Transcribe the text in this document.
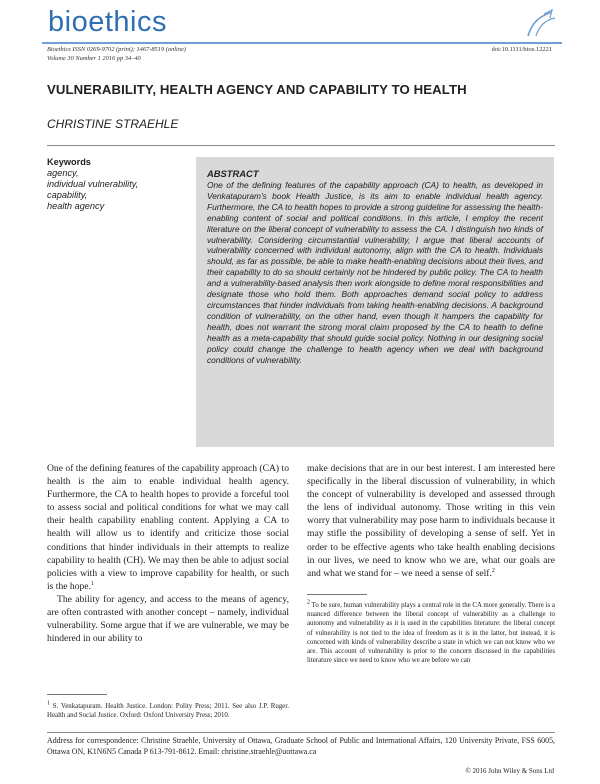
bioethics
Bioethics ISSN 0269-9702 (print); 1467-8519 (online)
Volume 30 Number 1 2016 pp 34–40
doi:10.1111/bioe.12221
VULNERABILITY, HEALTH AGENCY AND CAPABILITY TO HEALTH
CHRISTINE STRAEHLE
Keywords
agency,
individual vulnerability,
capability,
health agency
ABSTRACT
One of the defining features of the capability approach (CA) to health, as developed in Venkatapuram's book Health Justice, is its aim to enable individual health agency. Furthermore, the CA to health hopes to provide a strong guideline for assessing the health-enabling content of social and political conditions. In this article, I employ the recent literature on the liberal concept of vulnerability to assess the CA. I distinguish two kinds of vulnerability. Considering circumstantial vulnerability, I argue that liberal accounts of vulnerability concerned with individual autonomy, align with the CA to health. Individuals should, as far as possible, be able to make health-enabling decisions about their lives, and their capability to do so should certainly not be hindered by public policy. The CA to health and a vulnerability-based analysis then work alongside to define moral responsibilities and designate those who hold them. Both approaches demand social policy to address circumstances that hinder individuals from taking health-enabling decisions. A background condition of vulnerability, on the other hand, even though it hampers the capability for health, does not warrant the strong moral claim proposed by the CA to health to define health as a meta-capability that should guide social policy. Nothing in our designing social policy could change the challenge to health agency when we deal with background conditions of vulnerability.

One of the defining features of the capability approach (CA) to health is the aim to enable individual health agency. Furthermore, the CA to health hopes to provide a forceful tool to assess social and political conditions for what we may call their health capability enabling content. Applying a CA to health will allow us to identify and criticize those social conditions that hinder individuals in their attempts to realize capability to health (CH). We may then be able to adjust social policies with a view to improve capability for health, or such is the hope.$^1$

The ability for agency, and access to the means of agency, are often contrasted with another concept – namely, individual vulnerability. Some argue that if we are vulnerable, we may be hindered in our ability to

make decisions that are in our best interest. I am interested here specifically in the liberal discussion of vulnerability, in which the concept of vulnerability is developed and assessed through the lens of individual autonomy. Those writing in this vein worry that vulnerability may pose harm to individuals because it may stifle the possibility of developing a sense of self. Yet in order to be effective agents who take health enabling decisions in our lives, we need to know who we are, what our goals are and what we stand for – we need a sense of self.$^2$

$^1$ S. Venkatapuram. Health Justice. London: Polity Press; 2011. See also J.P. Ruger. Health and Social Justice. Oxford: Oxford University Press; 2010.
$^2$ To be sure, human vulnerability plays a central role in the CA more generally. There is a nuanced difference between the liberal concept of vulnerability as a challenge to autonomy and vulnerability as it is used in the capabilities literature: the liberal concept of vulnerability is not tied to the idea of freedom as it is in the latter, but instead, it is concerned with kinds of vulnerability describe a state in which we can not know who we are. This account of vulnerability is prior to the concern discussed in the capabilities literature since we need to know who we are before we can
Address for correspondence: Christine Straehle, University of Ottawa, Graduate School of Public and International Affairs, 120 University Private, FSS 6005, Ottawa ON, K1N6N5 Canada P 613-791-8612. Email: christine.straehle@uottawa.ca
© 2016 John Wiley & Sons Ltd
